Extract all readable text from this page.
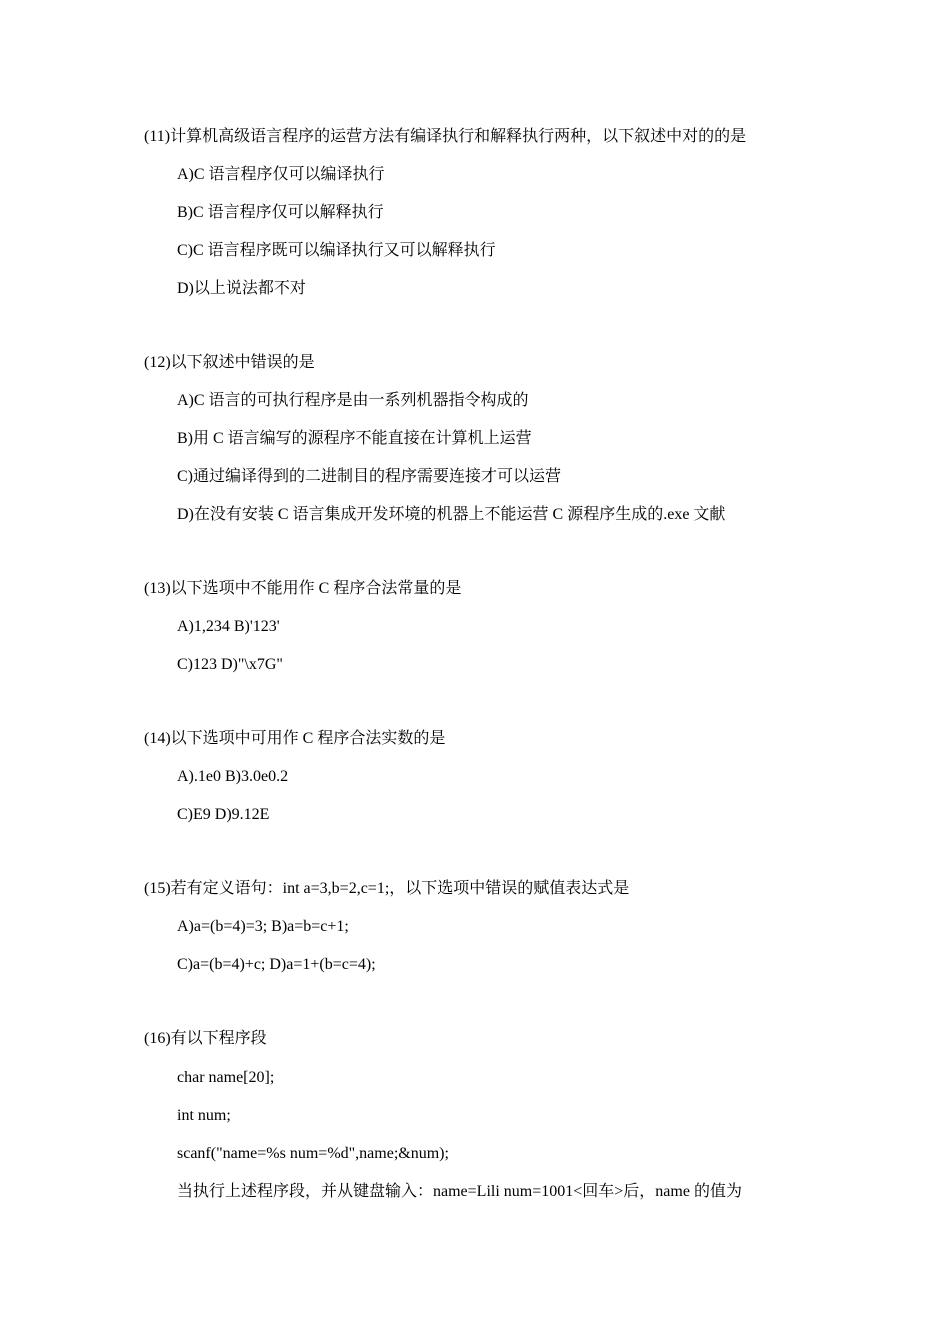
(11)计算机高级语言程序的运营方法有编译执行和解释执行两种，以下叙述中对的的是
A)C 语言程序仅可以编译执行
B)C 语言程序仅可以解释执行
C)C 语言程序既可以编译执行又可以解释执行
D)以上说法都不对
(12)以下叙述中错误的是
A)C 语言的可执行程序是由一系列机器指令构成的
B)用 C 语言编写的源程序不能直接在计算机上运营
C)通过编译得到的二进制目的程序需要连接才可以运营
D)在没有安装 C 语言集成开发环境的机器上不能运营 C 源程序生成的.exe 文献
(13)以下选项中不能用作 C 程序合法常量的是
A)1,234 B)'123'
C)123 D)"\x7G"
(14)以下选项中可用作 C 程序合法实数的是
A).1e0 B)3.0e0.2
C)E9 D)9.12E
(15)若有定义语句：int a=3,b=2,c=1;，以下选项中错误的赋值表达式是
A)a=(b=4)=3; B)a=b=c+1;
C)a=(b=4)+c; D)a=1+(b=c=4);
(16)有以下程序段
char name[20];
int num;
scanf("name=%s num=%d",name;&num);
当执行上述程序段，并从键盘输入：name=Lili num=1001<回车>后，name 的值为
